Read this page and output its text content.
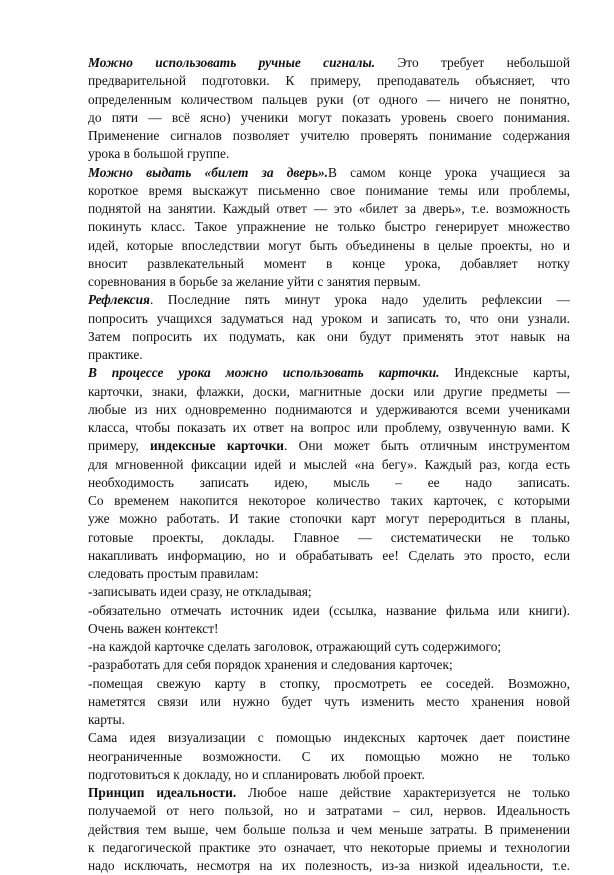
Можно использовать ручные сигналы. Это требует небольшой
предварительной подготовки. К примеру, преподаватель объясняет, что
определенным количеством пальцев руки (от одного — ничего не понятно,
до пяти — всё ясно) ученики могут показать уровень своего понимания.
Применение сигналов позволяет учителю проверять понимание содержания
урока в большой группе.
Можно выдать «билет за дверь».В самом конце урока учащиеся за
короткое время выскажут письменно свое понимание темы или проблемы,
поднятой на занятии. Каждый ответ — это «билет за дверь», т.е. возможность
покинуть класс. Такое упражнение не только быстро генерирует множество
идей, которые впоследствии могут быть объединены в целые проекты, но и
вносит развлекательный момент в конце урока, добавляет нотку
соревнования в борьбе за желание уйти с занятия первым.
Рефлексия. Последние пять минут урока надо уделить рефлексии —
попросить учащихся задуматься над уроком и записать то, что они узнали.
Затем попросить их подумать, как они будут применять этот навык на
практике.
В процессе урока можно использовать карточки. Индексные карты,
карточки, знаки, флажки, доски, магнитные доски или другие предметы —
любые из них одновременно поднимаются и удерживаются всеми учениками
класса, чтобы показать их ответ на вопрос или проблему, озвученную вами. К
примеру, индексные карточки. Они может быть отличным инструментом
для мгновенной фиксации идей и мыслей «на бегу». Каждый раз, когда есть
необходимость записать идею, мысль – ее надо записать.
Со временем накопится некоторое количество таких карточек, с которыми
уже можно работать. И такие стопочки карт могут переродиться в планы,
готовые проекты, доклады. Главное — систематически не только
накапливать информацию, но и обрабатывать ее! Сделать это просто, если
следовать простым правилам:
-записывать идеи сразу, не откладывая;
-обязательно отмечать источник идеи (ссылка, название фильма или книги).
Очень важен контекст!
-на каждой карточке сделать заголовок, отражающий суть содержимого;
-разработать для себя порядок хранения и следования карточек;
-помещая свежую карту в стопку, просмотреть ее соседей. Возможно,
наметятся связи или нужно будет чуть изменить место хранения новой
карты.
Сама идея визуализации с помощью индексных карточек дает поистине
неограниченные возможности. С их помощью можно не только
подготовиться к докладу, но и спланировать любой проект.
Принцип идеальности. Любое наше действие характеризуется не только
получаемой от него пользой, но и затратами – сил, нервов. Идеальность
действия тем выше, чем больше польза и чем меньше затраты. В применении
к педагогической практике это означает, что некоторые приемы и технологии
надо исключать, несмотря на их полезность, из-за низкой идеальности, т.е.
